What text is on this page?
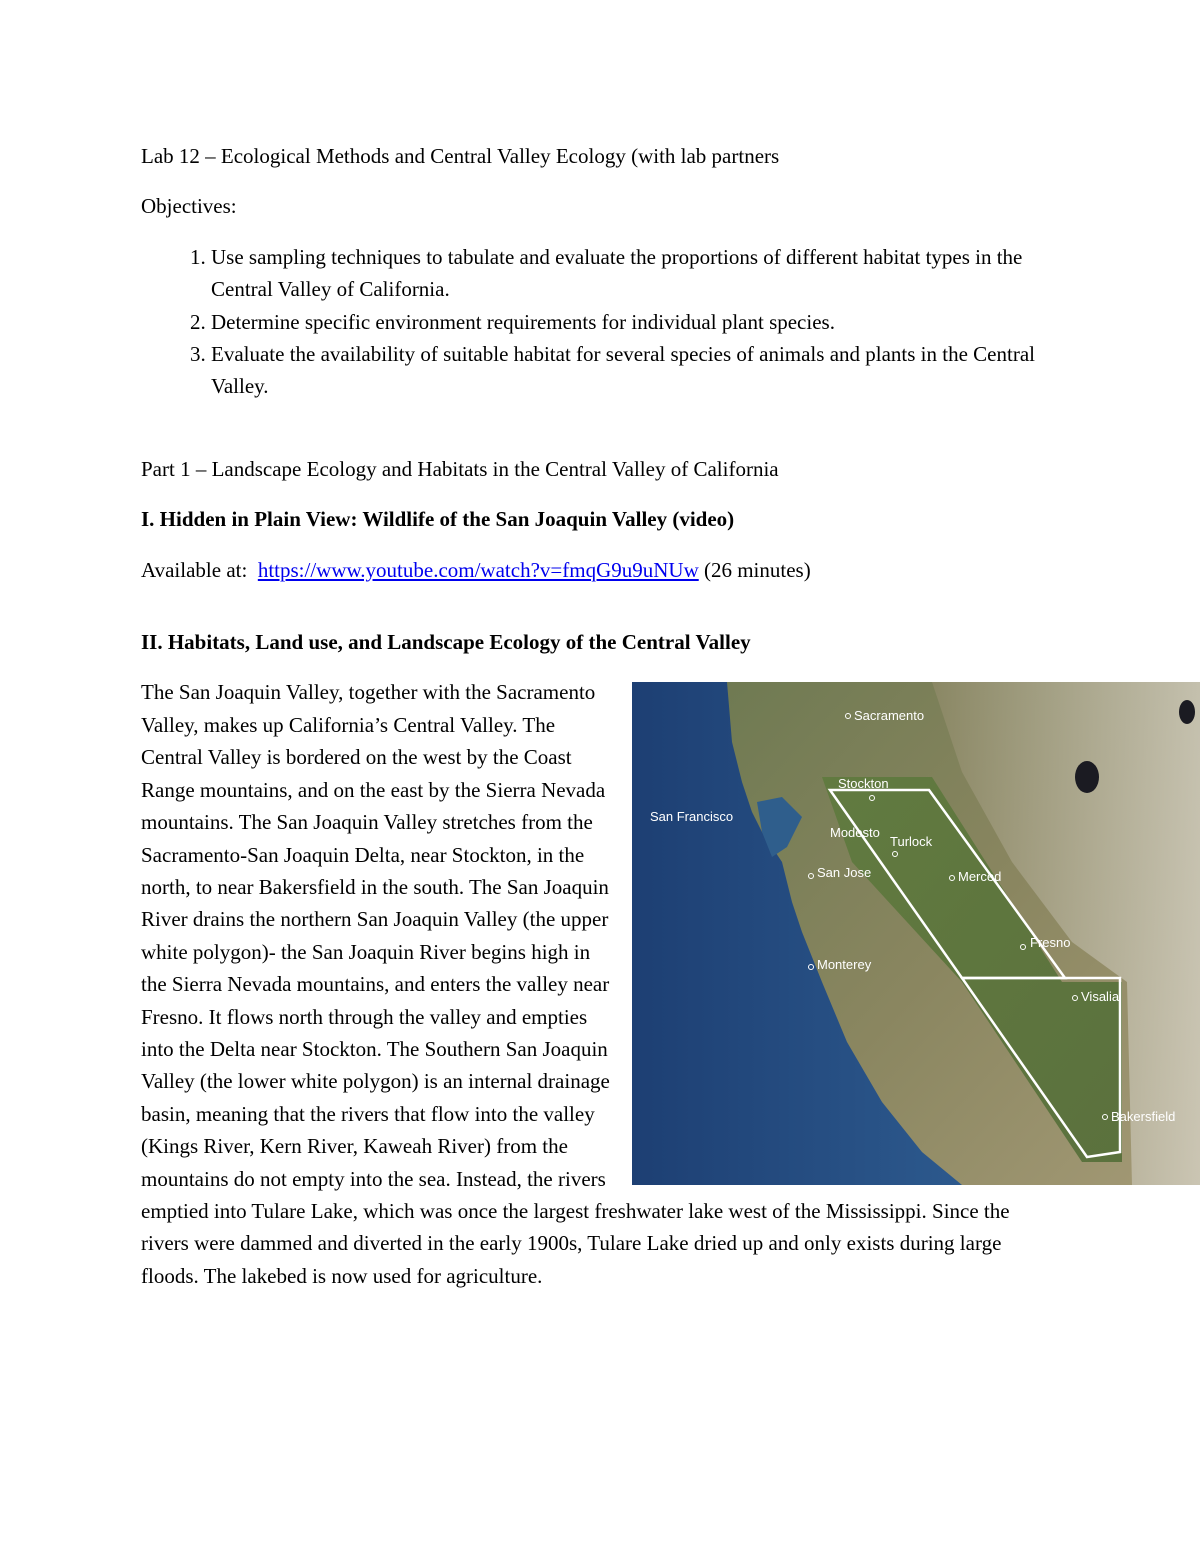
Lab 12 – Ecological Methods and Central Valley Ecology (with lab partners

Objectives:

1. Use sampling techniques to tabulate and evaluate the proportions of different habitat types in the Central Valley of California.
2. Determine specific environment requirements for individual plant species.
3. Evaluate the availability of suitable habitat for several species of animals and plants in the Central Valley.

Part 1 – Landscape Ecology and Habitats in the Central Valley of California

I. Hidden in Plain View: Wildlife of the San Joaquin Valley (video)

Available at: https://www.youtube.com/watch?v=fmqG9u9uNUw (26 minutes)

II. Habitats, Land use, and Landscape Ecology of the Central Valley

Sacramento
Stockton
San Francisco
Modesto
Turlock
San Jose	Merced
Fresno
Monterey
Visalia
Bakersfield

The San Joaquin Valley, together with the Sacramento Valley, makes up California’s Central Valley. The Central Valley is bordered on the west by the Coast Range mountains, and on the east by the Sierra Nevada mountains. The San Joaquin Valley stretches from the Sacramento-San Joaquin Delta, near Stockton, in the north, to near Bakersfield in the south. The San Joaquin River drains the northern San Joaquin Valley (the upper white polygon)- the San Joaquin River begins high in the Sierra Nevada mountains, and enters the valley near Fresno. It flows north through the valley and empties into the Delta near Stockton. The Southern San Joaquin Valley (the lower white polygon) is an internal drainage basin, meaning that the rivers that flow into the valley (Kings River, Kern River, Kaweah River) from the mountains do not empty into the sea. Instead, the rivers emptied into Tulare Lake, which was once the largest freshwater lake west of the Mississippi. Since the rivers were dammed and diverted in the early 1900s, Tulare Lake dried up and only exists during large floods. The lakebed is now used for agriculture.
